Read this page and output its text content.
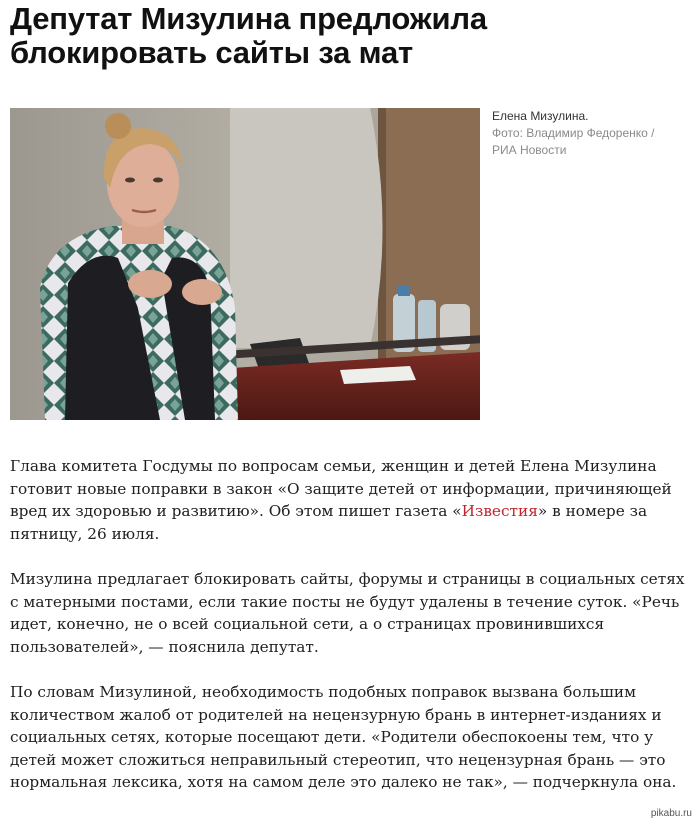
Депутат Мизулина предложила блокировать сайты за мат
Елена Мизулина.
Фото: Владимир Федоренко / РИА Новости

Глава комитета Госдумы по вопросам семьи, женщин и детей Елена Мизулина готовит новые поправки в закон «О защите детей от информации, причиняющей вред их здоровью и развитию». Об этом пишет газета «Известия» в номере за пятницу, 26 июля.

Мизулина предлагает блокировать сайты, форумы и страницы в социальных сетях с матерными постами, если такие посты не будут удалены в течение суток. «Речь идет, конечно, не о всей социальной сети, а о страницах провинившихся пользователей», — пояснила депутат.

По словам Мизулиной, необходимость подобных поправок вызвана большим количеством жалоб от родителей на нецензурную брань в интернет-изданиях и социальных сетях, которые посещают дети. «Родители обеспокоены тем, что у детей может сложиться неправильный стереотип, что нецензурная брань — это нормальная лексика, хотя на самом деле это далеко не так», — подчеркнула она.

pikabu.ru
